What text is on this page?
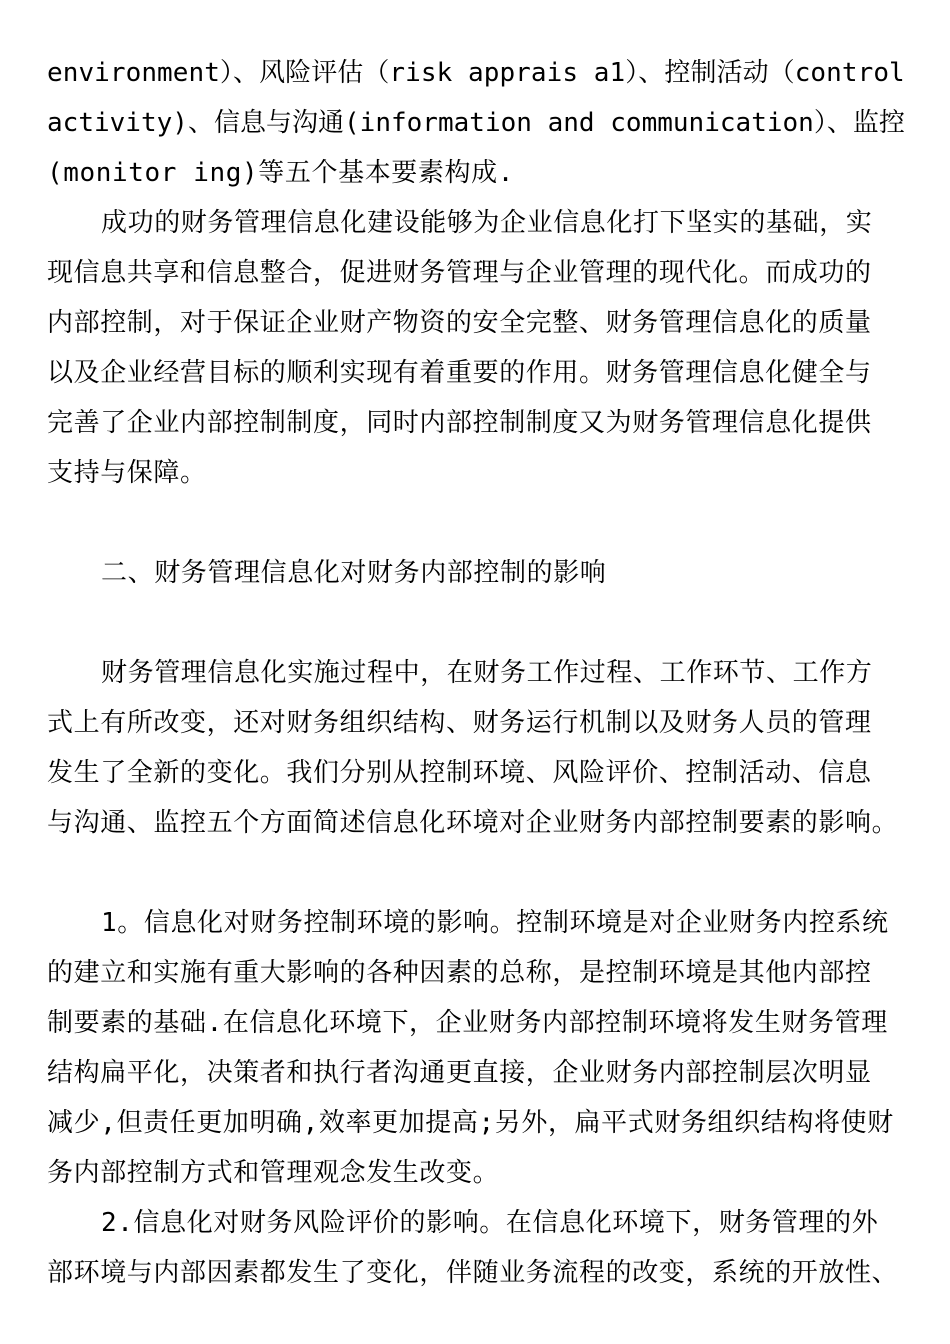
environment）、风险评估（risk apprais a1）、控制活动（control
activity)、信息与沟通(information and communication）、监控
(monitor ing)等五个基本要素构成.
成功的财务管理信息化建设能够为企业信息化打下坚实的基础，实
现信息共享和信息整合，促进财务管理与企业管理的现代化。而成功的
内部控制，对于保证企业财产物资的安全完整、财务管理信息化的质量
以及企业经营目标的顺利实现有着重要的作用。财务管理信息化健全与
完善了企业内部控制制度，同时内部控制制度又为财务管理信息化提供
支持与保障。
二、财务管理信息化对财务内部控制的影响
财务管理信息化实施过程中，在财务工作过程、工作环节、工作方
式上有所改变，还对财务组织结构、财务运行机制以及财务人员的管理
发生了全新的变化。我们分别从控制环境、风险评价、控制活动、信息
与沟通、监控五个方面简述信息化环境对企业财务内部控制要素的影响。
1。信息化对财务控制环境的影响。控制环境是对企业财务内控系统
的建立和实施有重大影响的各种因素的总称，是控制环境是其他内部控
制要素的基础.在信息化环境下，企业财务内部控制环境将发生财务管理
结构扁平化，决策者和执行者沟通更直接，企业财务内部控制层次明显
减少,但责任更加明确,效率更加提高;另外，扁平式财务组织结构将使财
务内部控制方式和管理观念发生改变。
2.信息化对财务风险评价的影响。在信息化环境下，财务管理的外
部环境与内部因素都发生了变化，伴随业务流程的改变，系统的开放性、
